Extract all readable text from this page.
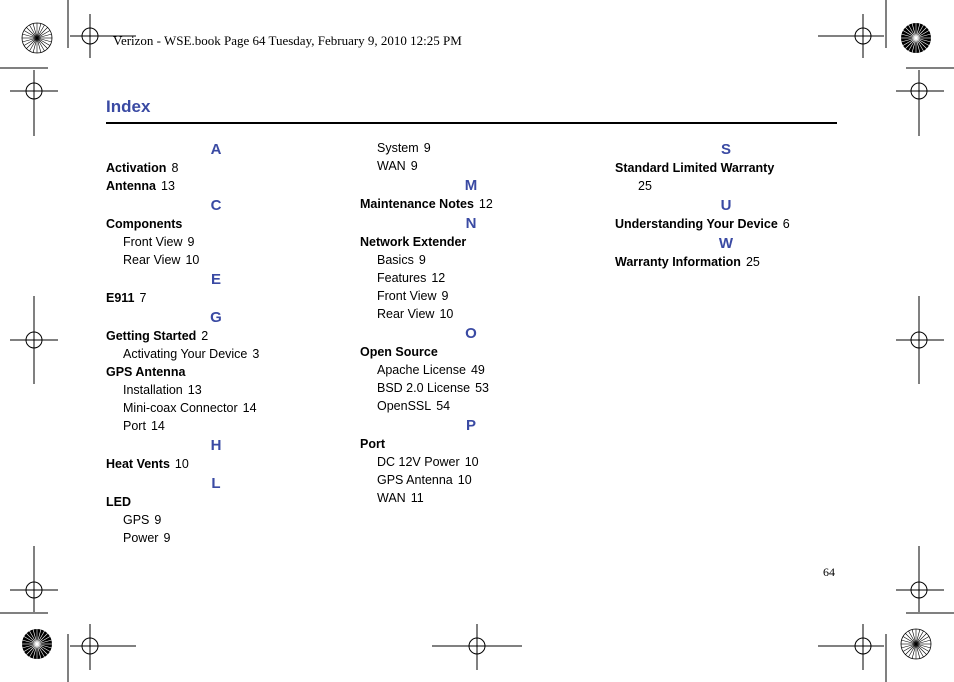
Verizon - WSE.book Page 64 Tuesday, February 9, 2010 12:25 PM
Index
A
Activation 8
Antenna 13
C
Components
Front View 9
Rear View 10
E
E911 7
G
Getting Started 2
Activating Your Device 3
GPS Antenna
Installation 13
Mini-coax Connector 14
Port 14
H
Heat Vents 10
L
LED
GPS 9
Power 9
System 9
WAN 9
M
Maintenance Notes 12
N
Network Extender
Basics 9
Features 12
Front View 9
Rear View 10
O
Open Source
Apache License 49
BSD 2.0 License 53
OpenSSL 54
P
Port
DC 12V Power 10
GPS Antenna 10
WAN 11
S
Standard Limited Warranty
25
U
Understanding Your Device 6
W
Warranty Information 25
64
